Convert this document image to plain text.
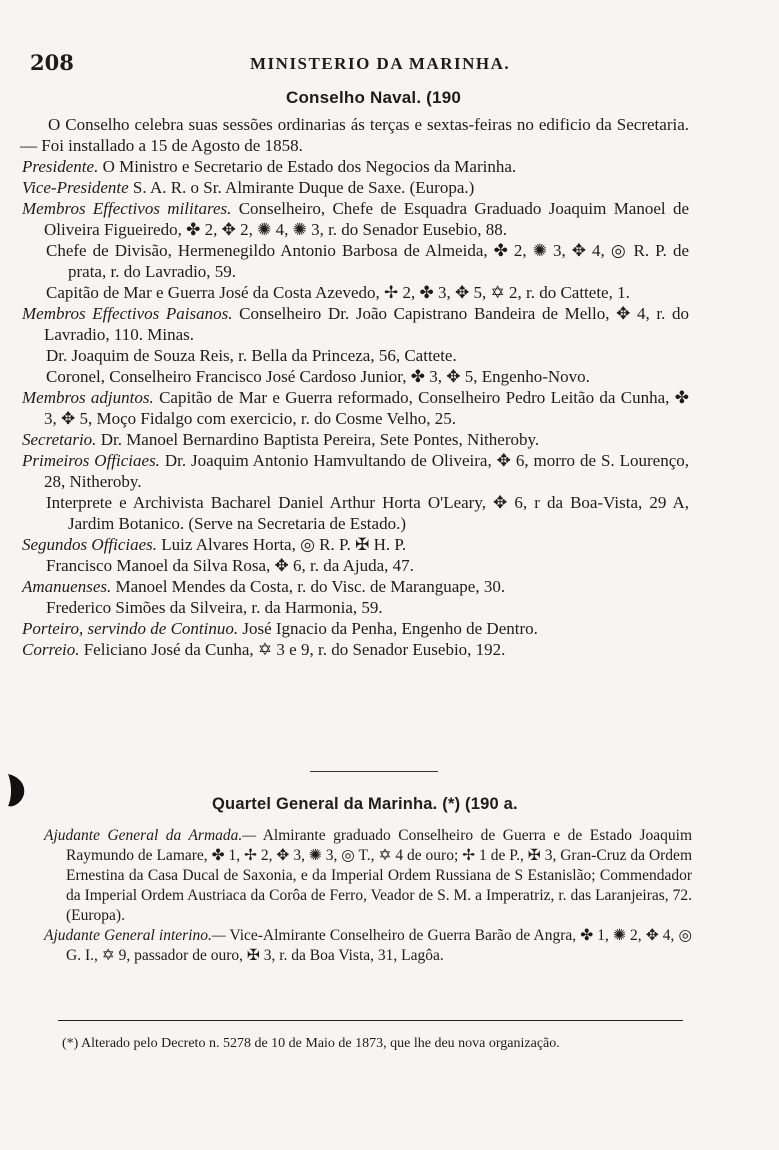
208	MINISTERIO DA MARINHA.
Conselho Naval. (190

O Conselho celebra suas sessões ordinarias ás terças e sextas-feiras no edificio da Secretaria. — Foi installado a 15 de Agosto de 1858.

Presidente. O Ministro e Secretario de Estado dos Negocios da Marinha.

Vice-Presidente S. A. R. o Sr. Almirante Duque de Saxe. (Europa.)

Membros Effectivos militares. Conselheiro, Chefe de Esquadra Graduado Joaquim Manoel de Oliveira Figueiredo, ✤ 2, ✥ 2, ✺ 4, ✺ 3, r. do Senador Eusebio, 88.

Chefe de Divisão, Hermenegildo Antonio Barbosa de Almeida, ✤ 2, ✺ 3, ✥ 4, ◎ R. P. de prata, r. do Lavradio, 59.

Capitão de Mar e Guerra José da Costa Azevedo, ✢ 2, ✤ 3, ✥ 5, ✡ 2, r. do Cattete, 1.

Membros Effectivos Paisanos. Conselheiro Dr. João Capistrano Bandeira de Mello, ✥ 4, r. do Lavradio, 110. Minas.

Dr. Joaquim de Souza Reis, r. Bella da Princeza, 56, Cattete.

Coronel, Conselheiro Francisco José Cardoso Junior, ✤ 3, ✥ 5, Engenho-Novo.

Membros adjuntos. Capitão de Mar e Guerra reformado, Conselheiro Pedro Leitão da Cunha, ✤ 3, ✥ 5, Moço Fidalgo com exercicio, r. do Cosme Velho, 25.

Secretario. Dr. Manoel Bernardino Baptista Pereira, Sete Pontes, Nitheroby.

Primeiros Officiaes. Dr. Joaquim Antonio Hamvultando de Oliveira, ✥ 6, morro de S. Lourenço, 28, Nitheroby.

Interprete e Archivista Bacharel Daniel Arthur Horta O'Leary, ✥ 6, r da Boa-Vista, 29 A, Jardim Botanico. (Serve na Secretaria de Estado.)

Segundos Officiaes. Luiz Alvares Horta, ◎ R. P. ✠ H. P.

Francisco Manoel da Silva Rosa, ✥ 6, r. da Ajuda, 47.

Amanuenses. Manoel Mendes da Costa, r. do Visc. de Maranguape, 30.

Frederico Simões da Silveira, r. da Harmonia, 59.

Porteiro, servindo de Continuo. José Ignacio da Penha, Engenho de Dentro.

Correio. Feliciano José da Cunha, ✡ 3 e 9, r. do Senador Eusebio, 192.

Quartel General da Marinha. (*) (190 a.

Ajudante General da Armada.— Almirante graduado Conselheiro de Guerra e de Estado Joaquim Raymundo de Lamare, ✤ 1, ✢ 2, ✥ 3, ✺ 3, ◎ T., ✡ 4 de ouro; ✢ 1 de P., ✠ 3, Gran-Cruz da Ordem Ernestina da Casa Ducal de Saxonia, e da Imperial Ordem Russiana de S Estanislão; Commendador da Imperial Ordem Austriaca da Corôa de Ferro, Veador de S. M. a Imperatriz, r. das Laranjeiras, 72. (Europa).

Ajudante General interino.— Vice-Almirante Conselheiro de Guerra Barão de Angra, ✤ 1, ✺ 2, ✥ 4, ◎ G. I., ✡ 9, passador de ouro, ✠ 3, r. da Boa Vista, 31, Lagôa.

(*) Alterado pelo Decreto n. 5278 de 10 de Maio de 1873, que lhe deu nova organização.
